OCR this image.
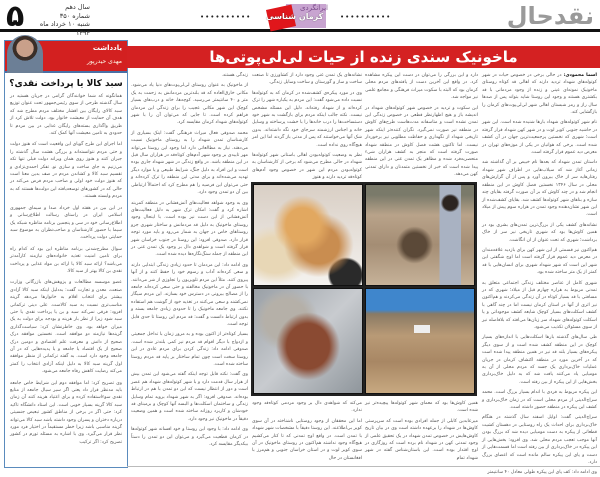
۵	سال دهم
شماره ۳۵۰
شنبه ۱۰ خرداد ماه ۱۳۹۳
••••••••••
ایرانگردی
کرمان شناسی ••••••••••	نقدحال
یادداشت
مهدی حیدرپور
سبد کالا یا پرداخت نقدی؟

همانگونه که شما خوانندگان گرامی در جریان هستید در سال گذشته طرحی از سوی رئیس‌جمهور تحت عنوان توزیع سبد کالای رایگان بین اقشار مختلف مردم مطرح شد که هدف آن حمایت از معیشت خانوار بود. دولت تلاش کرد از طریق واگذاری بسته‌های رایگان غذایی در بین مردم تا حدودی به تامین معیشت آنها کمک کند.

اما اجرای این طرح گویای این واقعیت است که هنوز دولت و حتی مردم نتوانسته‌اند و بزرگی هشت سال گذشته را جبران کنند و هنوز روی همان ویرانه دولت قبلی تنها تکه می‌زنیم به جای ساخت و سازی نو. تفکر احمدی‌نژادی و تقسیم سبد کالا و کشاندن مردم در صف بدین معنا است که هنوز دولت خود اولی و صاحب مردم فرض می‌کند در حالی که در کشورهای توسعه‌یافته این دولت‌ها هستند که به مردم وابسته هستند.

در این بین در هفته اول خرداد صدا و سیمای جمهوری اسلامی ایران در راستای رسالت اطلاع‌رسانی و اطلاع‌رسانی خود در سی و پنجمین برنامه مناظره شبکه یک سیما با حضور کارشناسان و صاحب‌نظران به موضوع سبد حمایتی دولت پرداخت.

سوال مطرح‌شدنی برنامه مناظره این بود که کدام راه برای تامین امنیت تغذیه خانواده‌های نیازمند کارآمدتر می‌باشد؟ ارائه سبد کالا یا ارائه بن مواد غذایی و پرداخت نقدی بن کالا بهتر از سبد کالا.

عضو موسسه مطالعات و پژوهش‌های بازرگانی وزارت صنعت، معدن و تجارت گفت: به‌دلیل اینکه سبد کالا آزادی بیشتر برای انتخاب اقلام به خانوارها می‌دهد گزینه مناسب‌تری نسبت به سبد کالاست. علی دینی ترکمانی افزود: فرقی نمی‌کند سبد و بن یا پرداخت نقدی یا حتی سبد شود زیرا از نظر بار هزینه و بودجه برای دولت به یک میزان خواهد بود. وی خاطرنشان کرد: سیاست‌گذاری گزینه‌ها نیازمند دو موافقه است. نخستین موافقه درک صحیح از دانش و معرفت علم اقتصادی و دومین درک صحیح از یک اقتصاد یا جامعه و یا پدیده‌هایی که در آن جامعه وجود دارد است. به گفته ترکمانی از منظر موافقه اول گزینه سبد کالا به دلیل اینکه آزادی انتخاب را کمتر می‌کند رضایت کاهش رفاه جامعه می‌شود.

وی تصریح کرد: اما موافقه دوم این شرایط خاص جامعه باید مدنظر قرار داد یعنی اگر سیر سیال جامعه از منابع نقدی سوءاستفاده کرده و برای اعتیاد هزینه کنند آن زمان سبد کالا گزینه بسیار خوبی است. این استاد دانشگاه تاکید کرد: حتی اگر در برخی از مناطق کشور تبعیض جنسیتی درباره دختران و پسران وجود داشته باشد سبد کالا می‌تواند گزینه مناسبی باشد زیرا خطر مستقیماً در اختیار فرد مورد نظر قرار می‌گیرد. وی با اشاره به مسئله تورم در کشور تصریح کرد: اگر ترکیب

ماخونیک سندی زنده از حیات لی‌لی‌پوتی‌ها

اسما محمودی: در حالی برخی در خصوص حیات در شهر کوتوله‌های شهداد تردید دارند که اهالی قد کوتاه روستای ماخونیک نمونه‌ای عینی و زنده از وجود مردمانی با قد بکشتری هستند و وجود این روستا شاید بتواند پس از صدها سال راز و رمز شبستان اهالی شهر لی‌لی‌پوت‌های کرمان را بازگشایی کند.

نام شهر کوتوله‌های شهداد بارها شنیده شده است. این شهر در حاشیه جنوبی کویر لوت و در شهر کهن شهداد قرار گرفته است؛ شهری که نخستین پرجمعیت‌ترین جهان در آن کشف شده است. برخی که هوانیان در یکی از موزه‌های تهران در معرض دید عموم قرار گرفته است.

داستان تمدن شهداد که بعدها نام خبیص بر آن گذاشته شد زمانی آغاز شد که سیلاب‌هایی در اطراف شهر شهداد رفتارهایه سر از خاک بیرون آورد و پس از آن گزارش‌های محلی در سال ۱۳۴۶ نخستین فصل کاوش در این منطقه انجام شد و در چند کاوش که بر آن صورت گرفته بقایای چند سازه و بناهای شهر کوتوله‌ها کشف شد. بقایای کشف‌شده از این شهر نشان‌دهنده وجود تمدن در هزاره سوم پیش از میلاد است.

نشانه‌های کشف یکی از بزرگ‌ترین تمدن‌های بشری بود در همین کاوش‌ها بود که شهری تاریخی نیز سر از خاک برداشت؛ شهری که تحت عنوان از ان انگاشت.

هم‌اکنون نیز قسمتی از این شهر کهن برای بازدید علاقه‌مندان در معرض دید عموم قرار گرفته است اما اوج شگفتی این شهر این است که شهر شهداد شهری برای انسان‌هایی با قد کمتر از یک متر ساخته شده بود.

شهری کامل از عناصر مختلف زندگی اجتماعی متعلق به تمدنی مربوط به هزاره چهارم قبل از میلاد؛ شهری که در مسافتی با قد بسیار کوتاه در آن زندگی می‌کردند و هم‌اکنون نیز اثری از آنها در استان کرمان نیست اما در چند گاهی با کشف اسکلت‌های بسیار کوچک شایعه کشف موجوداتی و یا اسکلت کوتوله‌های شهداد سر زبان‌ها می‌افتد که بلافاصله نیز از سوی مسئولان تکذیب می‌شود.

طی سال‌های گذشته بارها اسکلت‌هایی با اندازه‌های بسیار کوچک در این منطقه کشف شده است و از سوی دیگر پیکره‌های بسیار بلند قد نیز در همین منطقه پیدا شده است که در آخرین مورد در منطقه اکتشاف کرمان در جریان عملیات خاک‌برداری یک جسد که مردم محلی از آن به مومیایی یاد می‌کنند یافت شد که به دلیل خاک‌برداری بخش‌هایی از این پیکره از بین رفته است.

این پیکره مربوط به فردی با اندام بسیار بزرگ است. محمد سراج‌الدینی از مردم محلی است که در زمان خاک‌برداری و کشف این پیکره در منطقه حضور داشته است.

سراج‌الدینی گفت: اوایل اسفند سال گذشته در هنگام خاک‌برداری برای احداث یک راه روستایی در دهستان کشیت قطعاتی از پیکره به دست مومیایی دیده شد که بزرگ بودن آنها موجب تعجب مردم محلی شد. وی افزود: بخش‌هایی از این پیکره در خاک‌برداری از بین رفته است اما قسمت‌هایی از دست و پای این پیکره سالم مانده است که اعضای بزرگ دارد.

وی ادامه داد: کف پای این پیکره طولی معادل ۴۰ سانتیمتر

دارد و این بزرگی را می‌توان در دست این پیکره مشاهده کرد. در واقع این آخرین دست از یافته‌های مردم محلی کرمان بود که البته با سکوت میراث فرهنگی و مجامع علمی نیز مواجه شد.

این سکوت و تردید در خصوص شهر کوتوله‌های شهداد در اندیشه باز و هیچ اظهارنظر قطعی در خصوص زندگی این تمدن نشده است و متاسفانه مدت‌هاست طرح‌های کاوش در منطقه نیز صورت نمی‌گیرد. نگران کننده‌تر اینکه شهر تاریخی شهداد از نگهداری و حفاظت مطلوبی نیز برخوردار نیست. اما تاکنون هشت فصل کاوش در منطقه شهداد صورت گرفته است که منجر به کشف هزاران شیء منحصربه‌فرد شده و مظاهر یک تمدن غنی در این منطقه پیدا شده است که خبر از نخستین متمدنان و دارای تمدنی کهن می‌دهد.

نشانه‌های یک تمدن غنی وجود دارد از کشاورزی تا صنعت ساخت و ساز و گورستان و ساخت وسایل زندگی.

وی در مورد پیکره‌ی کشف‌شده در کرمان که به کوتوله‌ها نسبت داده می‌شود گفت: این مردم به یکباره شهر را ترک کرده‌اند و از شهداد رفته‌اند. دلیل این مسئله مشخص نیست. نکته جالب اینکه مردم برای بازگشت به شهر خود دستساخت‌ها را درب خانه‌ها را با خشت پرساخته و وسایل خانه و اجناس ارزشمند سرجای خود نگه داشته‌اند. بدون شک آنها می‌خواستند که پس از مدتی باز گردند اما این امر هیچ‌گاه روی نداده است.

نظر به وضعیت کوتوله‌بودن اهالی باستانی شهر کوتوله‌ها شهداد در حالی مطرح می‌شود که برخی از کارشناسان به کوتوله‌بودن مردم این شهر در خصوص وجود آدم‌های کوتاه‌قد تردید دارند و هنوز

زندگی هستند.

از ماخونیک به عنوان روستای لی‌لی‌پوت‌های دنیا یاد می‌شود. مکانی خارق‌العاده که قد بلندترین مردمانش به زحمت به یک متر و ۴۰ سانتیمتر می‌رسید. کوچه‌ها، خانه و درب‌های بسیار کوچک این شهر مکانی عجیب را برای زندگی این مردمان فراهم کرده است. تا جایی که می‌توان آن را با شهر کوتوله‌های شهداد کرمان مقایسه کرد.

محمد صدوقی فعال میراث فرهنگی گفت: اینک بسیاری از کارشناسان تمدن شهداد را به روستای ماخونیک نسبت می‌دهند. نیاز به مطالعاتی دارد اما وجود این روستا می‌تواند مهر تاییدی بر وجود شهر آدم‌های کوتاه‌قد در هزاران سال قبل در این منطقه باشد. در واقع زندگی در شهر شهداد جاری بوده است و این افراد به دلیل جنگ، شرایط طبیعی و یا موارد دیگر تهدید می‌شده‌اند و برای مدتی این منطقه را ترک کرده‌اند و حتی می‌توان این فرضیه را هم مطرح کرد که احتمالاً ارتباطی بین آن دو تمدن وجود دارد.

وی به وجود شواهد فعالیت‌های آتش‌فشانی در منطقه کمربند اشاره کرد و گفت: امکان ترک شهر به دلیل فعالیت‌های آتش‌فشانی از این دست نیز بوده است. با اینحال وجود روستای ماخونیک به دلیل قد مردمانش و ساختار شهری جزو روستاهای خاص در جهان به شمار می‌رود و باید مورد توجه قرار دارد. صدوقی افزود: این روستا در جنوب خراسان شهر قرار گرفته است و شواهدی دال بر وجود یک تمدن غنی در این منطقه از جمله سنگ‌نگاره‌ها دیده شده است.

وی ادامه داد: این مردمان تا حدود زیادی زندگی ابتدایی دارند و سعی کرده‌اند آداب و رسوم خود را حفظ کنند و از آنها پیروی کنند. مثلاً این مردم تلویزیون را تجاوزی از شر می‌دانند. با حضور آن در ماخونیک مخالفند و حتی سعی کرده‌اند جامعه را از مصالح بیرونی در دسترس خود بسازند. این مردم سیگار نمی‌کشند و سعی می‌کنند در تغذیه خود از گوشت هم استفاده نکنند. وی جامعه ماخونیک را تا حدودی زیادی جامعه بسته و بدون ارتباط دانست و گفت: قد مردم این روستا تا حدی قابل توجه است.

بسیار کوتاه‌تر از اکنون بوده و به مرور زمان با تداخل جمعیتی و ازدواج با دیگر اقوام قد مردم نیز کمی بلندتر شده است. صدوقی ادامه داد: زندگی کردن برای مردم عادی در این روستا سخت است چون تمام ساختار بر پایه قد مردم روستا ساخته شده است.

وی گفت: نکته قابل توجه اینکه گفته می‌شود این تمدن بیش از هزار سال قدمت دارد و با شهر کوتوله‌های شهداد هم عصر است و دور از انتظار نیست که این دو تمدن با هم در ارتباط بوده‌اند. صدوقی افزود: اگر به شهر شهداد بروید تمام وسایل زندگی و ساختمان اسکلت‌ها و البسه آنها کوچک و برمبنای قد خودشان و کاربرد روزانه ساخته شده است و همین وضعیت دقیقاً در ماخونیک نیز وجود دارد.

وی ادامه داد: با وجود این روستا و خود افسانه شهر کوتوله‌ها در کرمان قطعیت می‌گیرد و می‌توان این دو تمدن را دستاً بیکدیگر مقایسه کرد.

همین کاوش‌ها بود که معمای شهر کوتوله‌ها پیچیده‌تر نیز شده است.

میرعابدین کابلی از جمله افرادی بوده است که سرپرستی کاوش‌ها در شهداد را برعهده داشته است وی در بیان تاریخ کاوش‌هایش در خصوص تمدن شهداد در یک تحقیق علمی از وجود تمدنی کهن در شهداد نام برده است که روزگاری در اوج اقتدار بوده است. این باستان‌شناس گفته در شهر شهداد تمام

می‌کند که شواهدی دال بر وجود مردمی کوتاه‌قد وجود ندارد.

اما این محققان از وجود روستایی ناشناخته در آن سوی کویر بی‌اطلاعند. این روستا دقیقاً با مشخصات شهر شهداد با تمدن است. در واقع اوج تمدنی که تا کنار می‌کشیم هیچ‌گاه وجود نداشته هم‌اکنون در روستای ماخونیک در آن سوی کویر لوت و در استان خراسان جنوبی و هم‌مرز با افغانستان در حال
